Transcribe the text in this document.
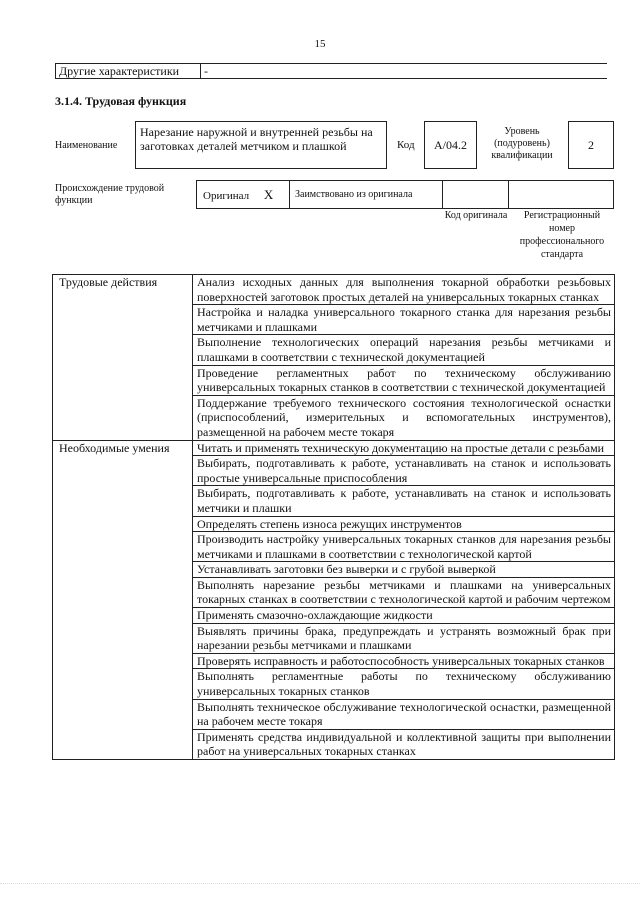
15
Другие характеристики	-
3.1.4. Трудовая функция
Наименование
Нарезание наружной и внутренней резьбы на заготовках деталей метчиком и плашкой	Код	А/04.2
Уровень (подуровень) квалификации
2
Происхождение трудовой функции	Оригинал X	Заимствовано из оригинала
Код оригинала	Регистрационный номер профессионального стандарта
Трудовые действия	Анализ исходных данных для выполнения токарной обработки резьбовых поверхностей заготовок простых деталей на универсальных токарных станках
	Настройка и наладка универсального токарного станка для нарезания резьбы метчиками и плашками
	Выполнение технологических операций нарезания резьбы метчиками и плашками в соответствии с технической документацией
	Проведение регламентных работ по техническому обслуживанию универсальных токарных станков в соответствии с технической документацией
	Поддержание требуемого технического состояния технологической оснастки (приспособлений, измерительных и вспомогательных инструментов), размещенной на рабочем месте токаря
Необходимые умения	Читать и применять техническую документацию на простые детали с резьбами
	Выбирать, подготавливать к работе, устанавливать на станок и использовать простые универсальные приспособления
	Выбирать, подготавливать к работе, устанавливать на станок и использовать метчики и плашки
	Определять степень износа режущих инструментов
	Производить настройку универсальных токарных станков для нарезания резьбы метчиками и плашками в соответствии с технологической картой
	Устанавливать заготовки без выверки и с грубой выверкой
	Выполнять нарезание резьбы метчиками и плашками на универсальных токарных станках в соответствии с технологической картой и рабочим чертежом
	Применять смазочно-охлаждающие жидкости
	Выявлять причины брака, предупреждать и устранять возможный брак при нарезании резьбы метчиками и плашками
	Проверять исправность и работоспособность универсальных токарных станков
	Выполнять регламентные работы по техническому обслуживанию универсальных токарных станков
	Выполнять техническое обслуживание технологической оснастки, размещенной на рабочем месте токаря
	Применять средства индивидуальной и коллективной защиты при выполнении работ на универсальных токарных станках
